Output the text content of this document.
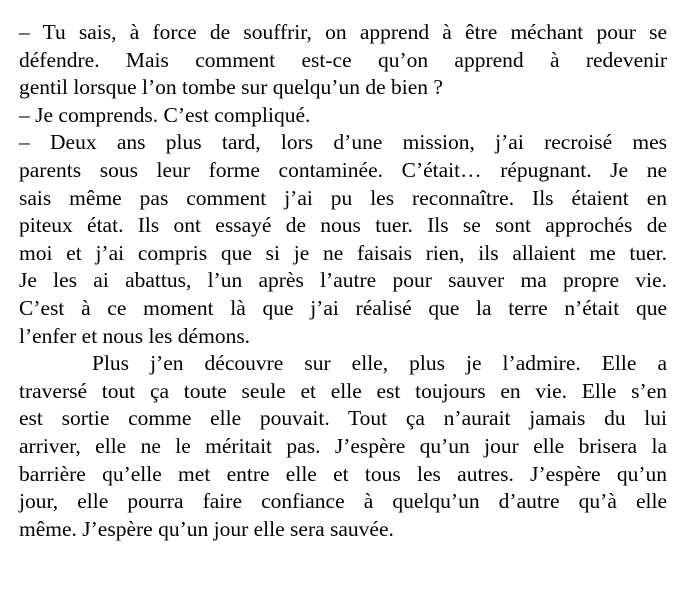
– Tu sais, à force de souffrir, on apprend à être méchant pour se
défendre. Mais comment est-ce qu’on apprend à redevenir
gentil lorsque l’on tombe sur quelqu’un de bien ?
– Je comprends. C’est compliqué.
– Deux ans plus tard, lors d’une mission, j’ai recroisé mes
parents sous leur forme contaminée. C’était… répugnant. Je ne
sais même pas comment j’ai pu les reconnaître. Ils étaient en
piteux état. Ils ont essayé de nous tuer. Ils se sont approchés de
moi et j’ai compris que si je ne faisais rien, ils allaient me tuer.
Je les ai abattus, l’un après l’autre pour sauver ma propre vie.
C’est à ce moment là que j’ai réalisé que la terre n’était que
l’enfer et nous les démons.
Plus j’en découvre sur elle, plus je l’admire. Elle a
traversé tout ça toute seule et elle est toujours en vie. Elle s’en
est sortie comme elle pouvait. Tout ça n’aurait jamais du lui
arriver, elle ne le méritait pas. J’espère qu’un jour elle brisera la
barrière qu’elle met entre elle et tous les autres. J’espère qu’un
jour, elle pourra faire confiance à quelqu’un d’autre qu’à elle
même. J’espère qu’un jour elle sera sauvée.
